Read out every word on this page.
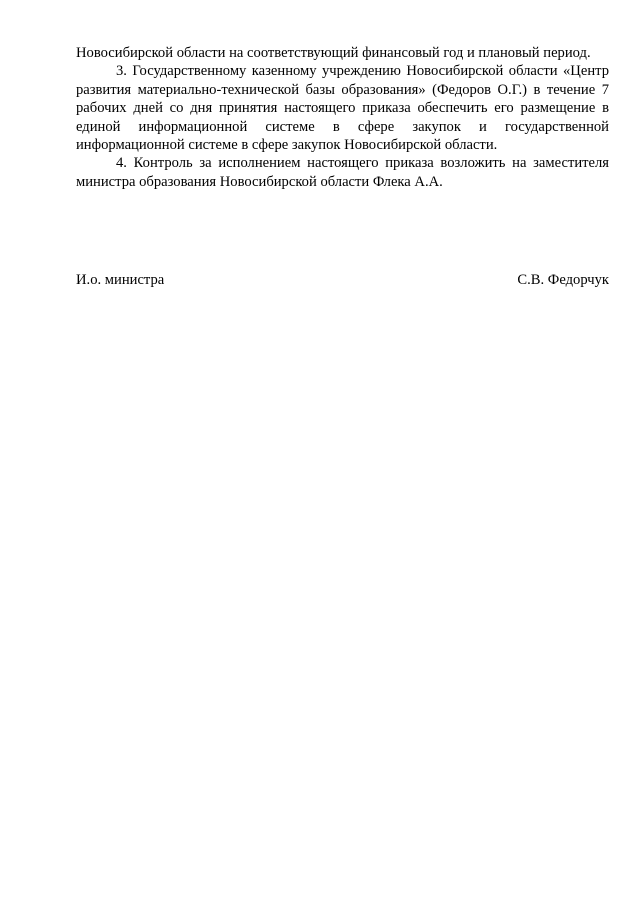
Новосибирской области на соответствующий финансовый год и плановый период.

3. Государственному казенному учреждению Новосибирской области «Центр развития материально-технической базы образования» (Федоров О.Г.) в течение 7 рабочих дней со дня принятия настоящего приказа обеспечить его размещение в единой информационной системе в сфере закупок и государственной информационной системе в сфере закупок Новосибирской области.

4. Контроль за исполнением настоящего приказа возложить на заместителя министра образования Новосибирской области Флека А.А.

И.о. министра	С.В. Федорчук
